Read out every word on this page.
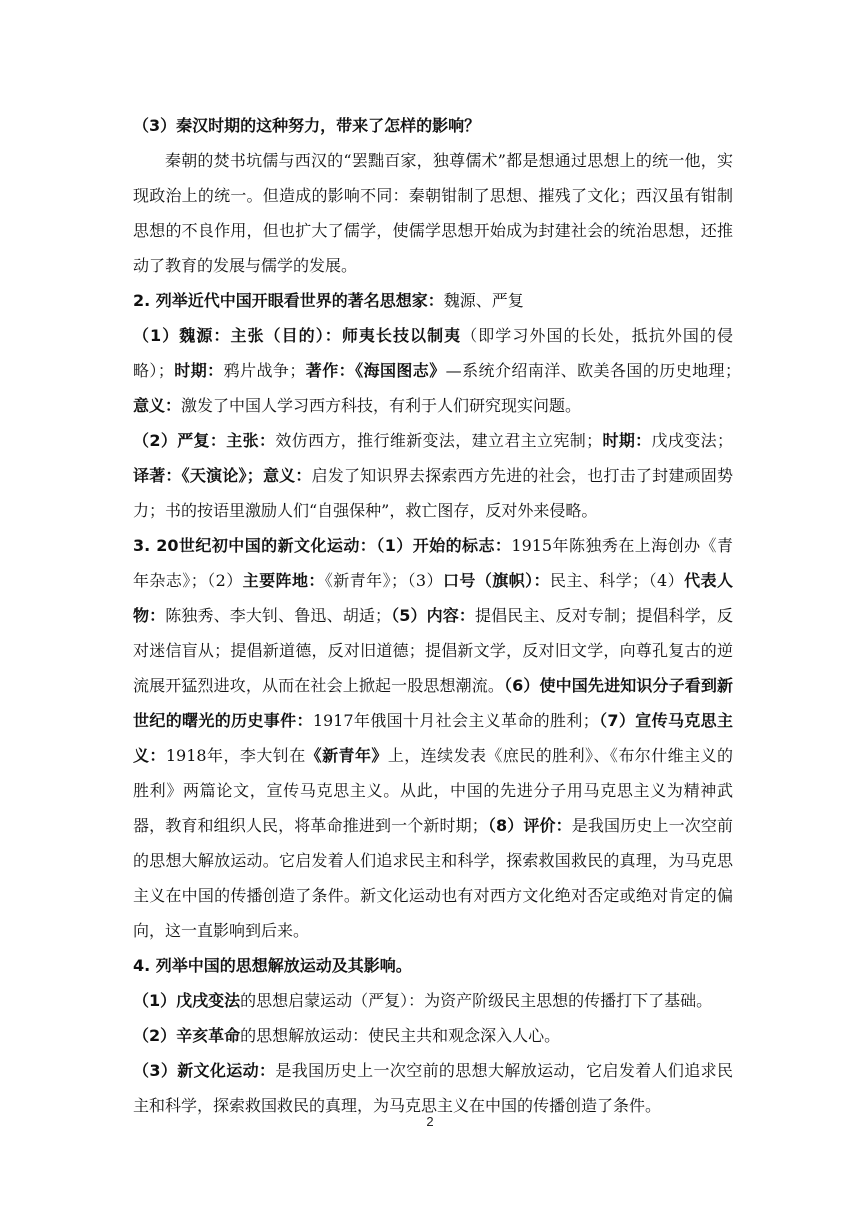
（3）秦汉时期的这种努力，带来了怎样的影响？

秦朝的焚书坑儒与西汉的“罢黜百家，独尊儒术”都是想通过思想上的统一他，实现政治上的统一。但造成的影响不同：秦朝钳制了思想、摧残了文化；西汉虽有钳制思想的不良作用，但也扩大了儒学，使儒学思想开始成为封建社会的统治思想，还推动了教育的发展与儒学的发展。

2. 列举近代中国开眼看世界的著名思想家：魏源、严复

（1）魏源：主张（目的）：师夷长技以制夷（即学习外国的长处，抵抗外国的侵略）；时期：鸦片战争；著作：《海国图志》—系统介绍南洋、欧美各国的历史地理；　意义：激发了中国人学习西方科技，有利于人们研究现实问题。

（2）严复：主张：效仿西方，推行维新变法，建立君主立宪制；时期：戊戌变法；译著：《天演论》；意义：启发了知识界去探索西方先进的社会，也打击了封建顽固势力；书的按语里激励人们“自强保种”，救亡图存，反对外来侵略。

3. 20世纪初中国的新文化运动：（1）开始的标志：1915年陈独秀在上海创办《青年杂志》；（2）主要阵地：《新青年》；（3）口号（旗帜）：民主、科学；（4）代表人物：陈独秀、李大钊、鲁迅、胡适；（5）内容：提倡民主、反对专制；提倡科学，反对迷信盲从；提倡新道德，反对旧道德；提倡新文学，反对旧文学，向尊孔复古的逆流展开猛烈进攻，从而在社会上掀起一股思想潮流。（6）使中国先进知识分子看到新世纪的曙光的历史事件：1917年俄国十月社会主义革命的胜利；（7）宣传马克思主义：1918年，李大钊在《新青年》上，连续发表《庶民的胜利》、《布尔什维主义的胜利》两篇论文，宣传马克思主义。从此，中国的先进分子用马克思主义为精神武器，教育和组织人民，将革命推进到一个新时期；（8）评价：是我国历史上一次空前的思想大解放运动。它启发着人们追求民主和科学，探索救国救民的真理，为马克思主义在中国的传播创造了条件。新文化运动也有对西方文化绝对否定或绝对肯定的偏向，这一直影响到后来。

4. 列举中国的思想解放运动及其影响。

（1）戊戌变法的思想启蒙运动（严复）：为资产阶级民主思想的传播打下了基础。

（2）辛亥革命的思想解放运动：使民主共和观念深入人心。

（3）新文化运动：是我国历史上一次空前的思想大解放运动，它启发着人们追求民主和科学，探索救国救民的真理，为马克思主义在中国的传播创造了条件。

2
